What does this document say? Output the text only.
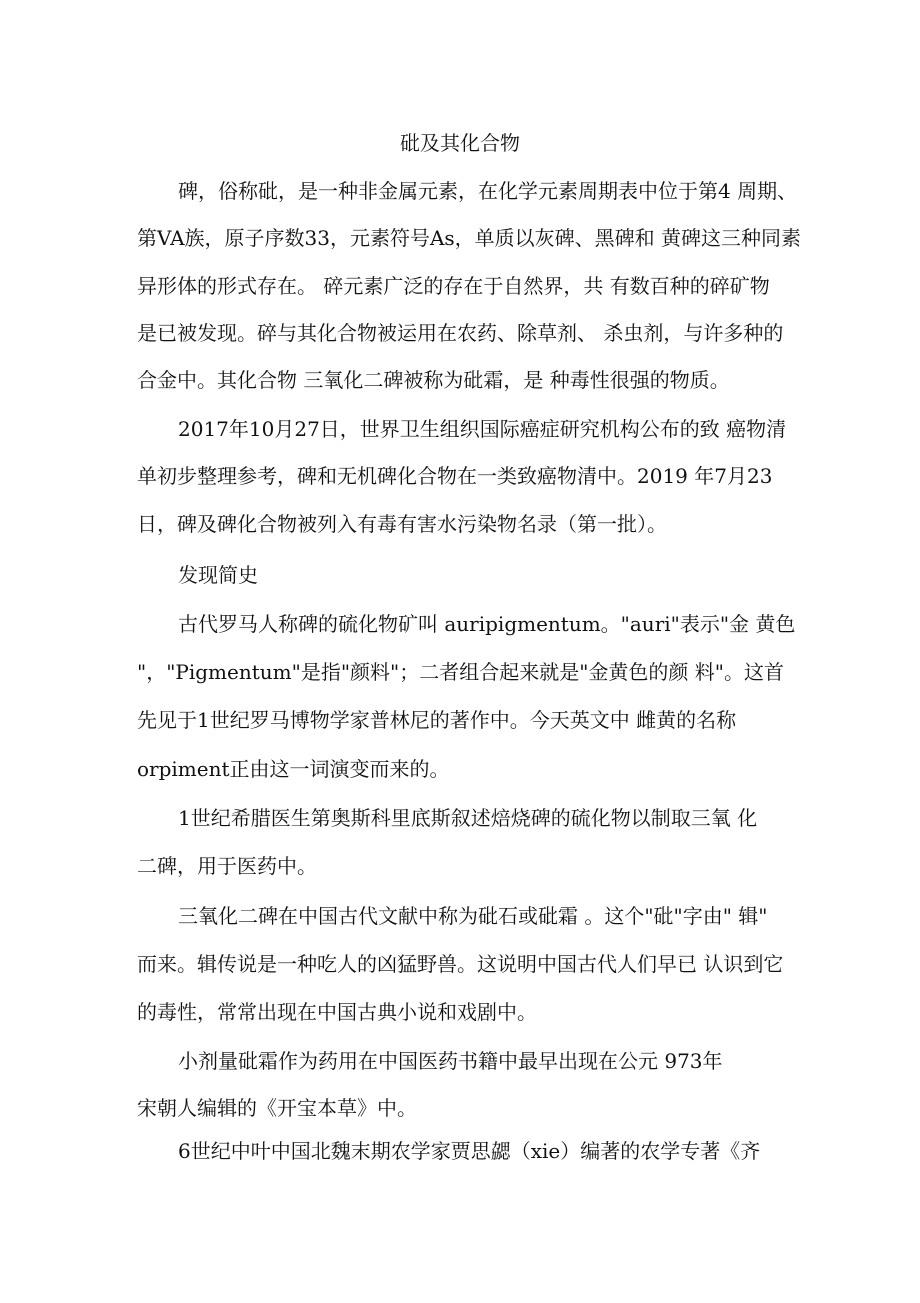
砒及其化合物
碑，俗称砒，是一种非金属元素，在化学元素周期表中位于第4 周期、
第VA族，原子序数33，元素符号As，单质以灰碑、黑碑和 黄碑这三种同素
异形体的形式存在。 碎元素广泛的存在于自然界，共 有数百种的碎矿物
是已被发现。碎与其化合物被运用在农药、除草剂、 杀虫剂，与许多种的
合金中。其化合物 三氧化二碑被称为砒霜，是 种毒性很强的物质。
2017年10月27日，世界卫生组织国际癌症研究机构公布的致 癌物清
单初步整理参考，碑和无机碑化合物在一类致癌物清中。2019 年7月23
日，碑及碑化合物被列入有毒有害水污染物名录（第一批）。
发现简史
古代罗马人称碑的硫化物矿叫 auripigmentum。"auri"表示"金 黄色
"，"Pigmentum"是指"颜料"；二者组合起来就是"金黄色的颜 料"。这首
先见于1世纪罗马博物学家普林尼的著作中。今天英文中 雌黄的名称
orpiment正由这一词演变而来的。
1世纪希腊医生第奥斯科里底斯叙述焙烧碑的硫化物以制取三氧 化
二碑，用于医药中。
三氧化二碑在中国古代文献中称为砒石或砒霜 。这个"砒"字由" 辑"
而来。辑传说是一种吃人的凶猛野兽。这说明中国古代人们早已 认识到它
的毒性，常常出现在中国古典小说和戏剧中。
小剂量砒霜作为药用在中国医药书籍中最早出现在公元 973年
宋朝人编辑的《开宝本草》中。
6世纪中叶中国北魏末期农学家贾思勰（xie）编著的农学专著《齐
